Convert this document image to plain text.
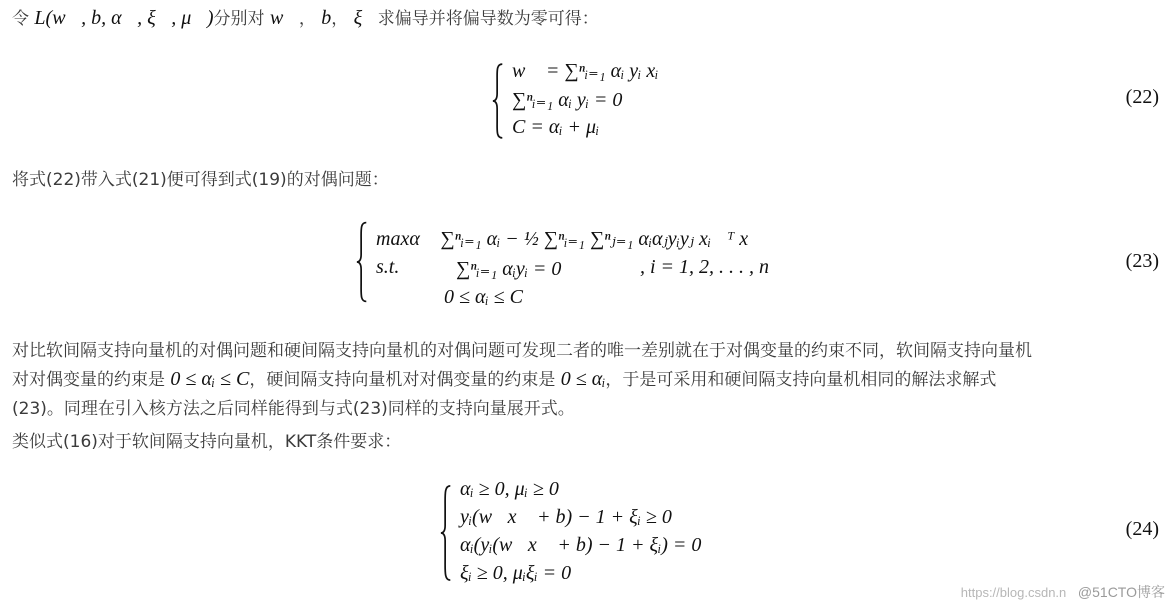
令 L(w⃗, b, α⃗, ξ⃗, μ⃗)分别对 w⃗， b， ξ⃗求偏导并将偏导数为零可得：
w⃗ = ∑ⁿᵢ₌₁ αᵢ yᵢ xᵢ⃗
∑ⁿᵢ₌₁ αᵢ yᵢ = 0
C = αᵢ + μᵢ
(22)
将式(22)带入式(21)便可得到式(19)的对偶问题：
maxα⃗ ∑ⁿᵢ₌₁ αᵢ − ½ ∑ⁿᵢ₌₁ ∑ⁿⱼ₌₁ αᵢαⱼyᵢyⱼ xᵢ⃗ᵀ xⱼ⃗
s.t.	∑ⁿᵢ₌₁ αᵢyᵢ = 0	, i = 1, 2, . . . , n
0 ≤ αᵢ ≤ C
(23)
对比软间隔支持向量机的对偶问题和硬间隔支持向量机的对偶问题可发现二者的唯一差别就在于对偶变量的约束不同，软间隔支持向量机
对对偶变量的约束是 0 ≤ αᵢ ≤ C，硬间隔支持向量机对对偶变量的约束是 0 ≤ αᵢ，于是可采用和硬间隔支持向量机相同的解法求解式
(23)。同理在引入核方法之后同样能得到与式(23)同样的支持向量展开式。
类似式(16)对于软间隔支持向量机，KKT条件要求：
αᵢ ≥ 0, μᵢ ≥ 0
yᵢ(w⃗x⃗ + b) − 1 + ξᵢ ≥ 0
αᵢ(yᵢ(w⃗x⃗ + b) − 1 + ξᵢ) = 0
ξᵢ ≥ 0, μᵢξᵢ = 0
(24)
https://blog.csdn.n @51CTO博客
